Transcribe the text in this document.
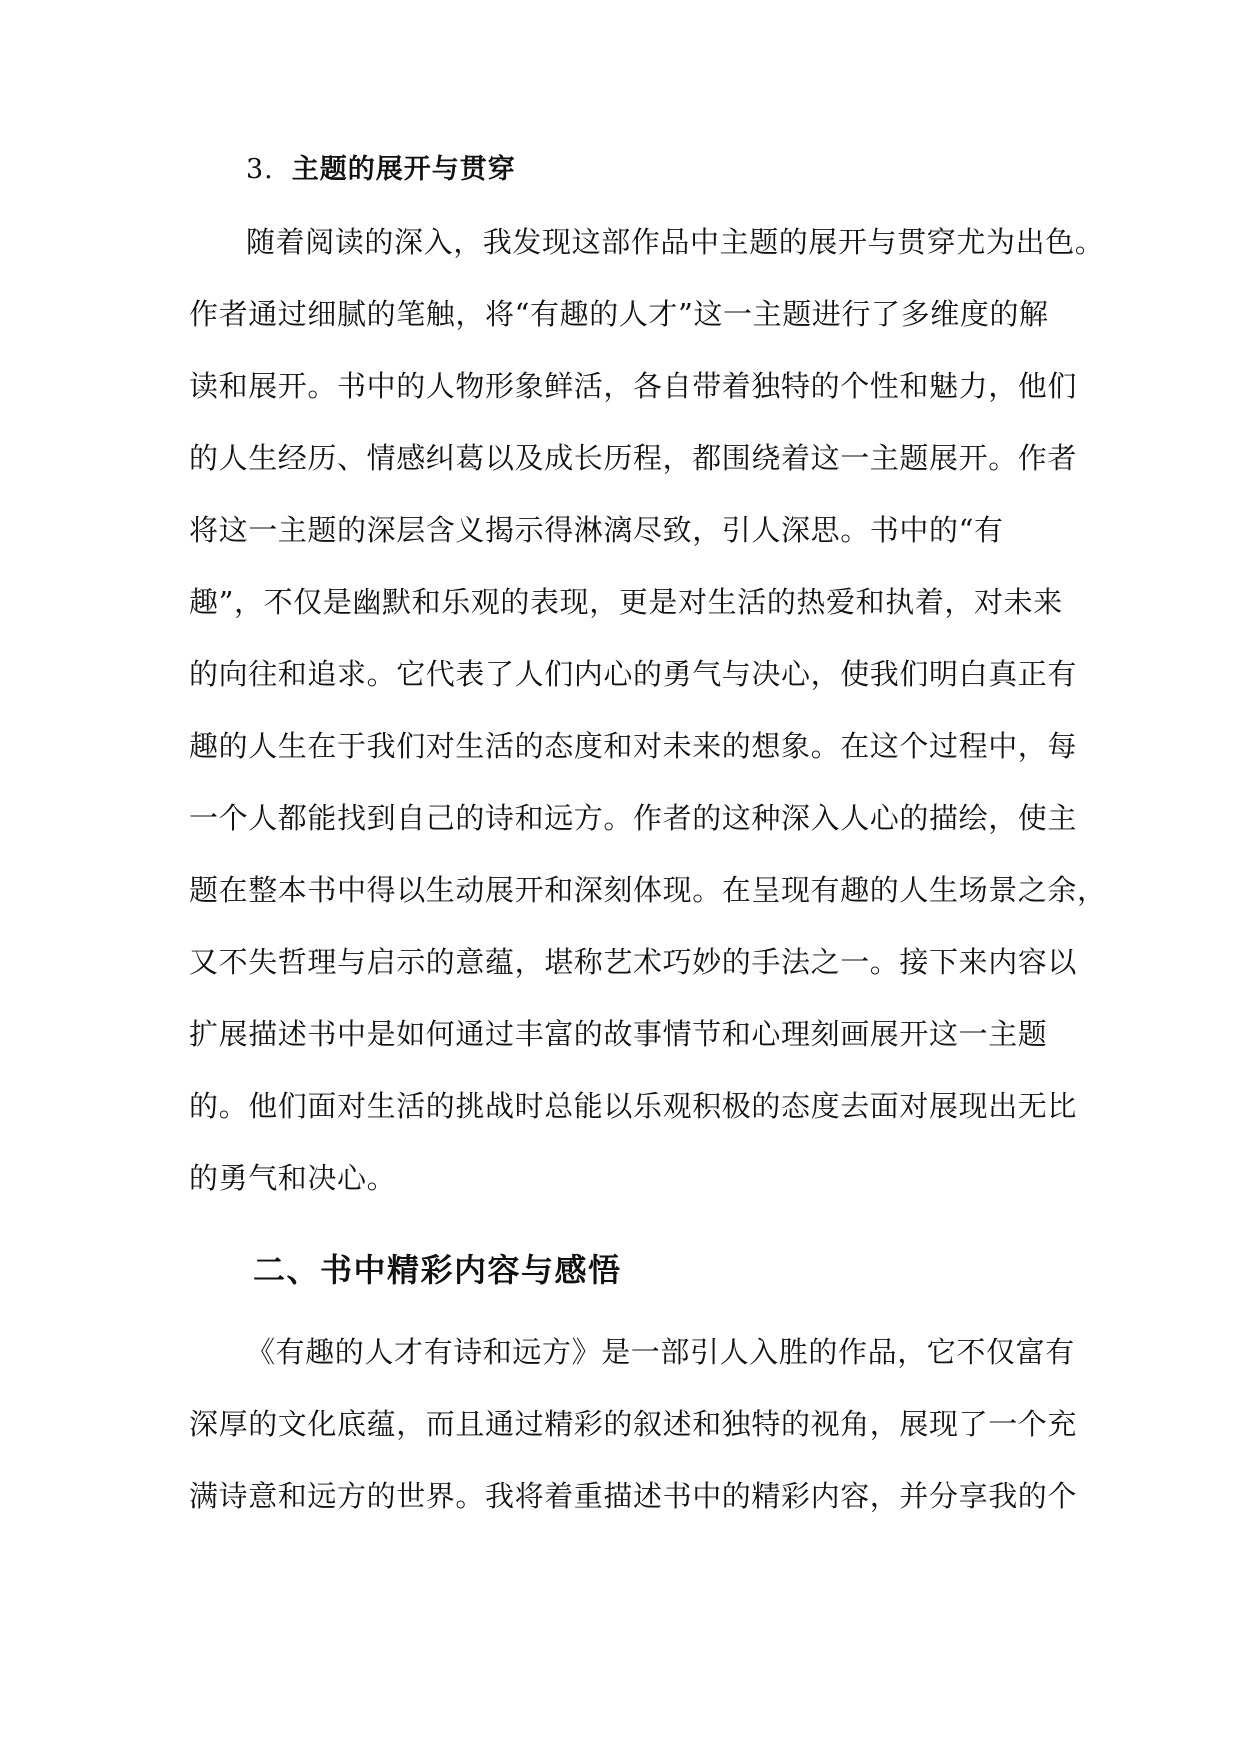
3. 主题的展开与贯穿
随着阅读的深入，我发现这部作品中主题的展开与贯穿尤为出色。
作者通过细腻的笔触，将“有趣的人才”这一主题进行了多维度的解
读和展开。书中的人物形象鲜活，各自带着独特的个性和魅力，他们
的人生经历、情感纠葛以及成长历程，都围绕着这一主题展开。作者
将这一主题的深层含义揭示得淋漓尽致，引人深思。书中的“有
趣”，不仅是幽默和乐观的表现，更是对生活的热爱和执着，对未来
的向往和追求。它代表了人们内心的勇气与决心，使我们明白真正有
趣的人生在于我们对生活的态度和对未来的想象。在这个过程中，每
一个人都能找到自己的诗和远方。作者的这种深入人心的描绘，使主
题在整本书中得以生动展开和深刻体现。在呈现有趣的人生场景之余，
又不失哲理与启示的意蕴，堪称艺术巧妙的手法之一。接下来内容以
扩展描述书中是如何通过丰富的故事情节和心理刻画展开这一主题
的。他们面对生活的挑战时总能以乐观积极的态度去面对展现出无比
的勇气和决心。
二、书中精彩内容与感悟
《有趣的人才有诗和远方》是一部引人入胜的作品，它不仅富有
深厚的文化底蕴，而且通过精彩的叙述和独特的视角，展现了一个充
满诗意和远方的世界。我将着重描述书中的精彩内容，并分享我的个
